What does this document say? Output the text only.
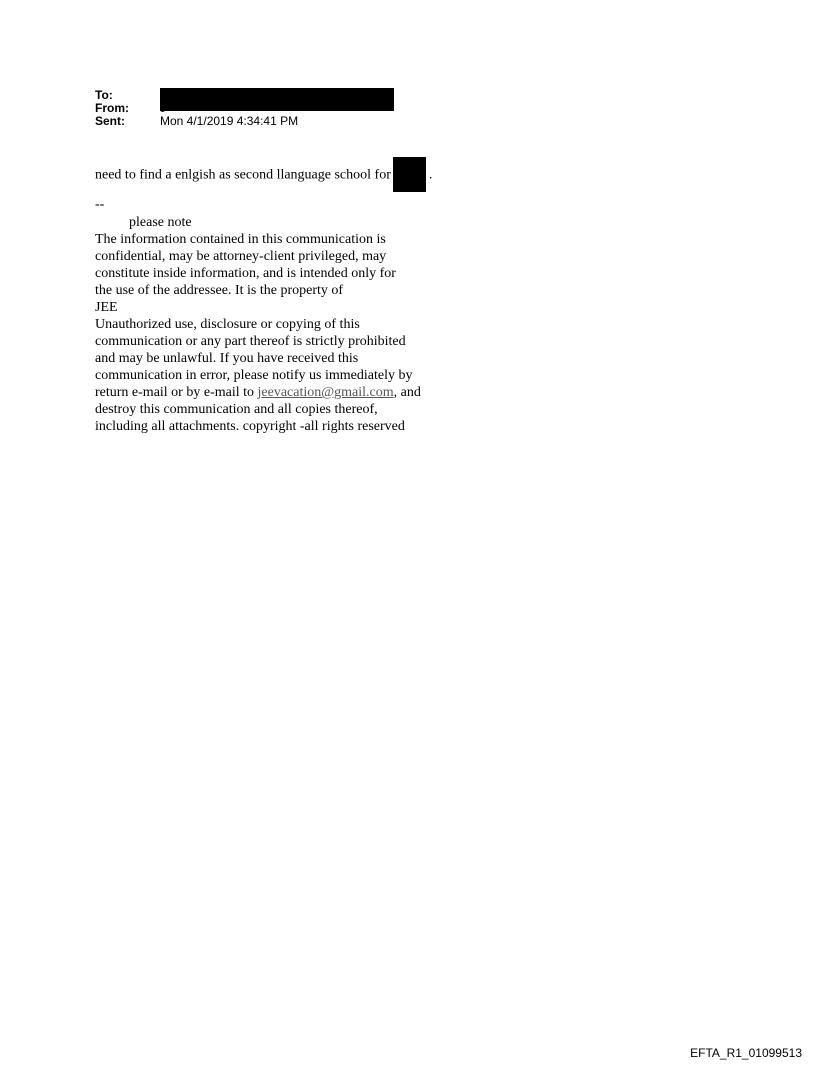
To:
From:
Sent:	Mon 4/1/2019 4:34:41 PM
need to find a enlgish as second llanguage school for	.
--
please note
The information contained in this communication is
confidential, may be attorney-client privileged, may
constitute inside information, and is intended only for
the use of the addressee. It is the property of
JEE
Unauthorized use, disclosure or copying of this
communication or any part thereof is strictly prohibited
and may be unlawful. If you have received this
communication in error, please notify us immediately by
return e-mail or by e-mail to jeevacation@gmail.com, and
destroy this communication and all copies thereof,
including all attachments. copyright -all rights reserved
EFTA_R1_01099513
